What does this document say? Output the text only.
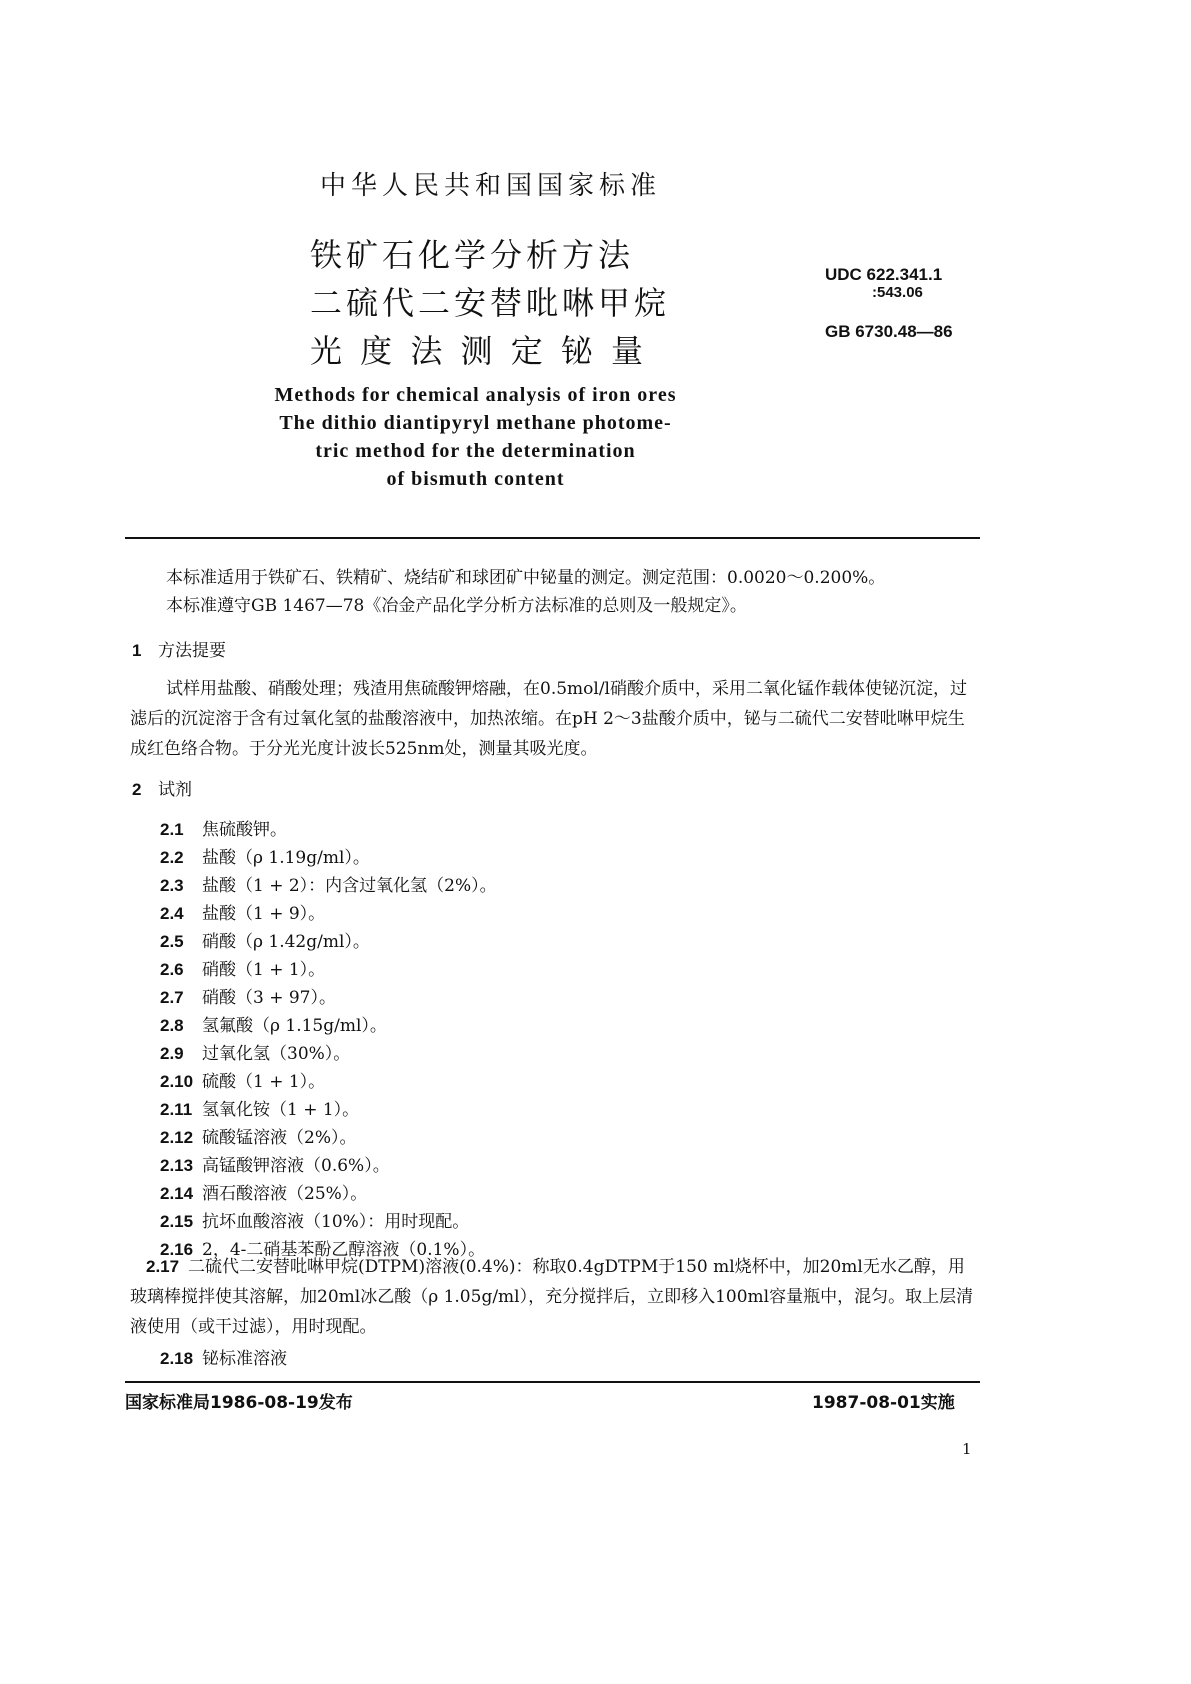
中华人民共和国国家标准
铁矿石化学分析方法
二硫代二安替吡啉甲烷
光 度 法 测 定 铋 量
UDC 622.341.1
:543.06
GB 6730.48—86
Methods for chemical analysis of iron ores
The dithio diantipyryl methane photome-
tric method for the determination
of bismuth content
本标准适用于铁矿石、铁精矿、烧结矿和球团矿中铋量的测定。测定范围：0.0020～0.200%。
本标准遵守GB 1467—78《冶金产品化学分析方法标准的总则及一般规定》。
1 方法提要
试样用盐酸、硝酸处理；残渣用焦硫酸钾熔融，在0.5mol/l硝酸介质中，采用二氧化锰作载体使铋沉淀，过滤后的沉淀溶于含有过氧化氢的盐酸溶液中，加热浓缩。在pH 2～3盐酸介质中，铋与二硫代二安替吡啉甲烷生成红色络合物。于分光光度计波长525nm处，测量其吸光度。
2 试剂
2.1 焦硫酸钾。
2.2 盐酸（ρ 1.19g/ml）。
2.3 盐酸（1 + 2）：内含过氧化氢（2%）。
2.4 盐酸（1 + 9）。
2.5 硝酸（ρ 1.42g/ml）。
2.6 硝酸（1 + 1）。
2.7 硝酸（3 + 97）。
2.8 氢氟酸（ρ 1.15g/ml）。
2.9 过氧化氢（30%）。
2.10 硫酸（1 + 1）。
2.11 氢氧化铵（1 + 1）。
2.12 硫酸锰溶液（2%）。
2.13 高锰酸钾溶液（0.6%）。
2.14 酒石酸溶液（25%）。
2.15 抗坏血酸溶液（10%）：用时现配。
2.16 2，4-二硝基苯酚乙醇溶液（0.1%）。
2.17 二硫代二安替吡啉甲烷(DTPM)溶液(0.4%)：称取0.4gDTPM于150 ml烧杯中，加20ml无水乙醇，用玻璃棒搅拌使其溶解，加20ml冰乙酸（ρ 1.05g/ml），充分搅拌后，立即移入100ml容量瓶中，混匀。取上层清液使用（或干过滤），用时现配。
2.18 铋标准溶液
国家标准局1986-08-19发布	1987-08-01实施
1
